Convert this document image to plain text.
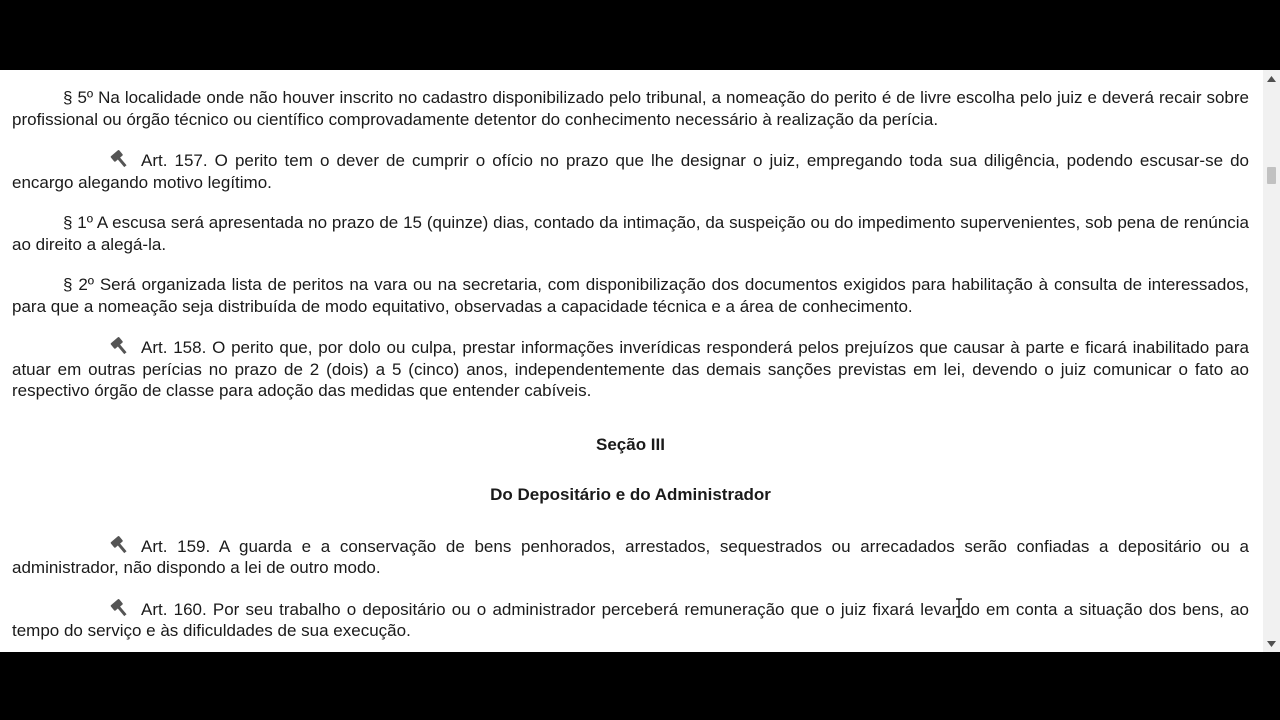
§ 5º Na localidade onde não houver inscrito no cadastro disponibilizado pelo tribunal, a nomeação do perito é de livre escolha pelo juiz e deverá recair sobre profissional ou órgão técnico ou científico comprovadamente detentor do conhecimento necessário à realização da perícia.

Art. 157. O perito tem o dever de cumprir o ofício no prazo que lhe designar o juiz, empregando toda sua diligência, podendo escusar-se do encargo alegando motivo legítimo.

§ 1º A escusa será apresentada no prazo de 15 (quinze) dias, contado da intimação, da suspeição ou do impedimento supervenientes, sob pena de renúncia ao direito a alegá-la.

§ 2º Será organizada lista de peritos na vara ou na secretaria, com disponibilização dos documentos exigidos para habilitação à consulta de interessados, para que a nomeação seja distribuída de modo equitativo, observadas a capacidade técnica e a área de conhecimento.

Art. 158. O perito que, por dolo ou culpa, prestar informações inverídicas responderá pelos prejuízos que causar à parte e ficará inabilitado para atuar em outras perícias no prazo de 2 (dois) a 5 (cinco) anos, independentemente das demais sanções previstas em lei, devendo o juiz comunicar o fato ao respectivo órgão de classe para adoção das medidas que entender cabíveis.

Seção III

Do Depositário e do Administrador

Art. 159. A guarda e a conservação de bens penhorados, arrestados, sequestrados ou arrecadados serão confiadas a depositário ou a administrador, não dispondo a lei de outro modo.

Art. 160. Por seu trabalho o depositário ou o administrador perceberá remuneração que o juiz fixará levando em conta a situação dos bens, ao tempo do serviço e às dificuldades de sua execução.
